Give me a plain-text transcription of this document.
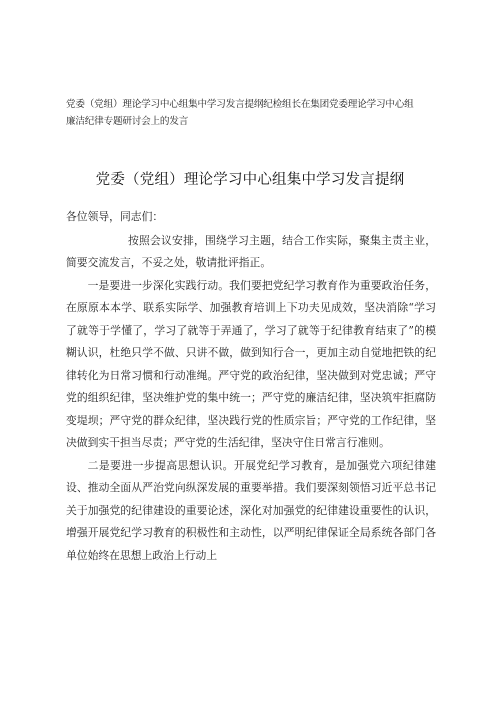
党委（党组）理论学习中心组集中学习发言提纲纪检组长在集团党委理论学习中心组
廉洁纪律专题研讨会上的发言
党委（党组）理论学习中心组集中学习发言提纲

各位领导，同志们：

按照会议安排，围绕学习主题，结合工作实际，聚集主责主业，简要交流发言，不妥之处，敬请批评指正。

一是要进一步深化实践行动。我们要把党纪学习教育作为重要政治任务，在原原本本学、联系实际学、加强教育培训上下功夫见成效，坚决消除“学习了就等于学懂了，学习了就等于弄通了，学习了就等于纪律教育结束了”的模糊认识，杜绝只学不做、只讲不做，做到知行合一，更加主动自觉地把铁的纪律转化为日常习惯和行动准绳。严守党的政治纪律，坚决做到对党忠诚；严守党的组织纪律，坚决维护党的集中统一；严守党的廉洁纪律，坚决筑牢拒腐防变堤坝；严守党的群众纪律，坚决践行党的性质宗旨；严守党的工作纪律，坚决做到实干担当尽责；严守党的生活纪律，坚决守住日常言行准则。

二是要进一步提高思想认识。开展党纪学习教育，是加强党六项纪律建设、推动全面从严治党向纵深发展的重要举措。我们要深刻领悟习近平总书记关于加强党的纪律建设的重要论述，深化对加强党的纪律建设重要性的认识，增强开展党纪学习教育的积极性和主动性，以严明纪律保证全局系统各部门各单位始终在思想上政治上行动上
